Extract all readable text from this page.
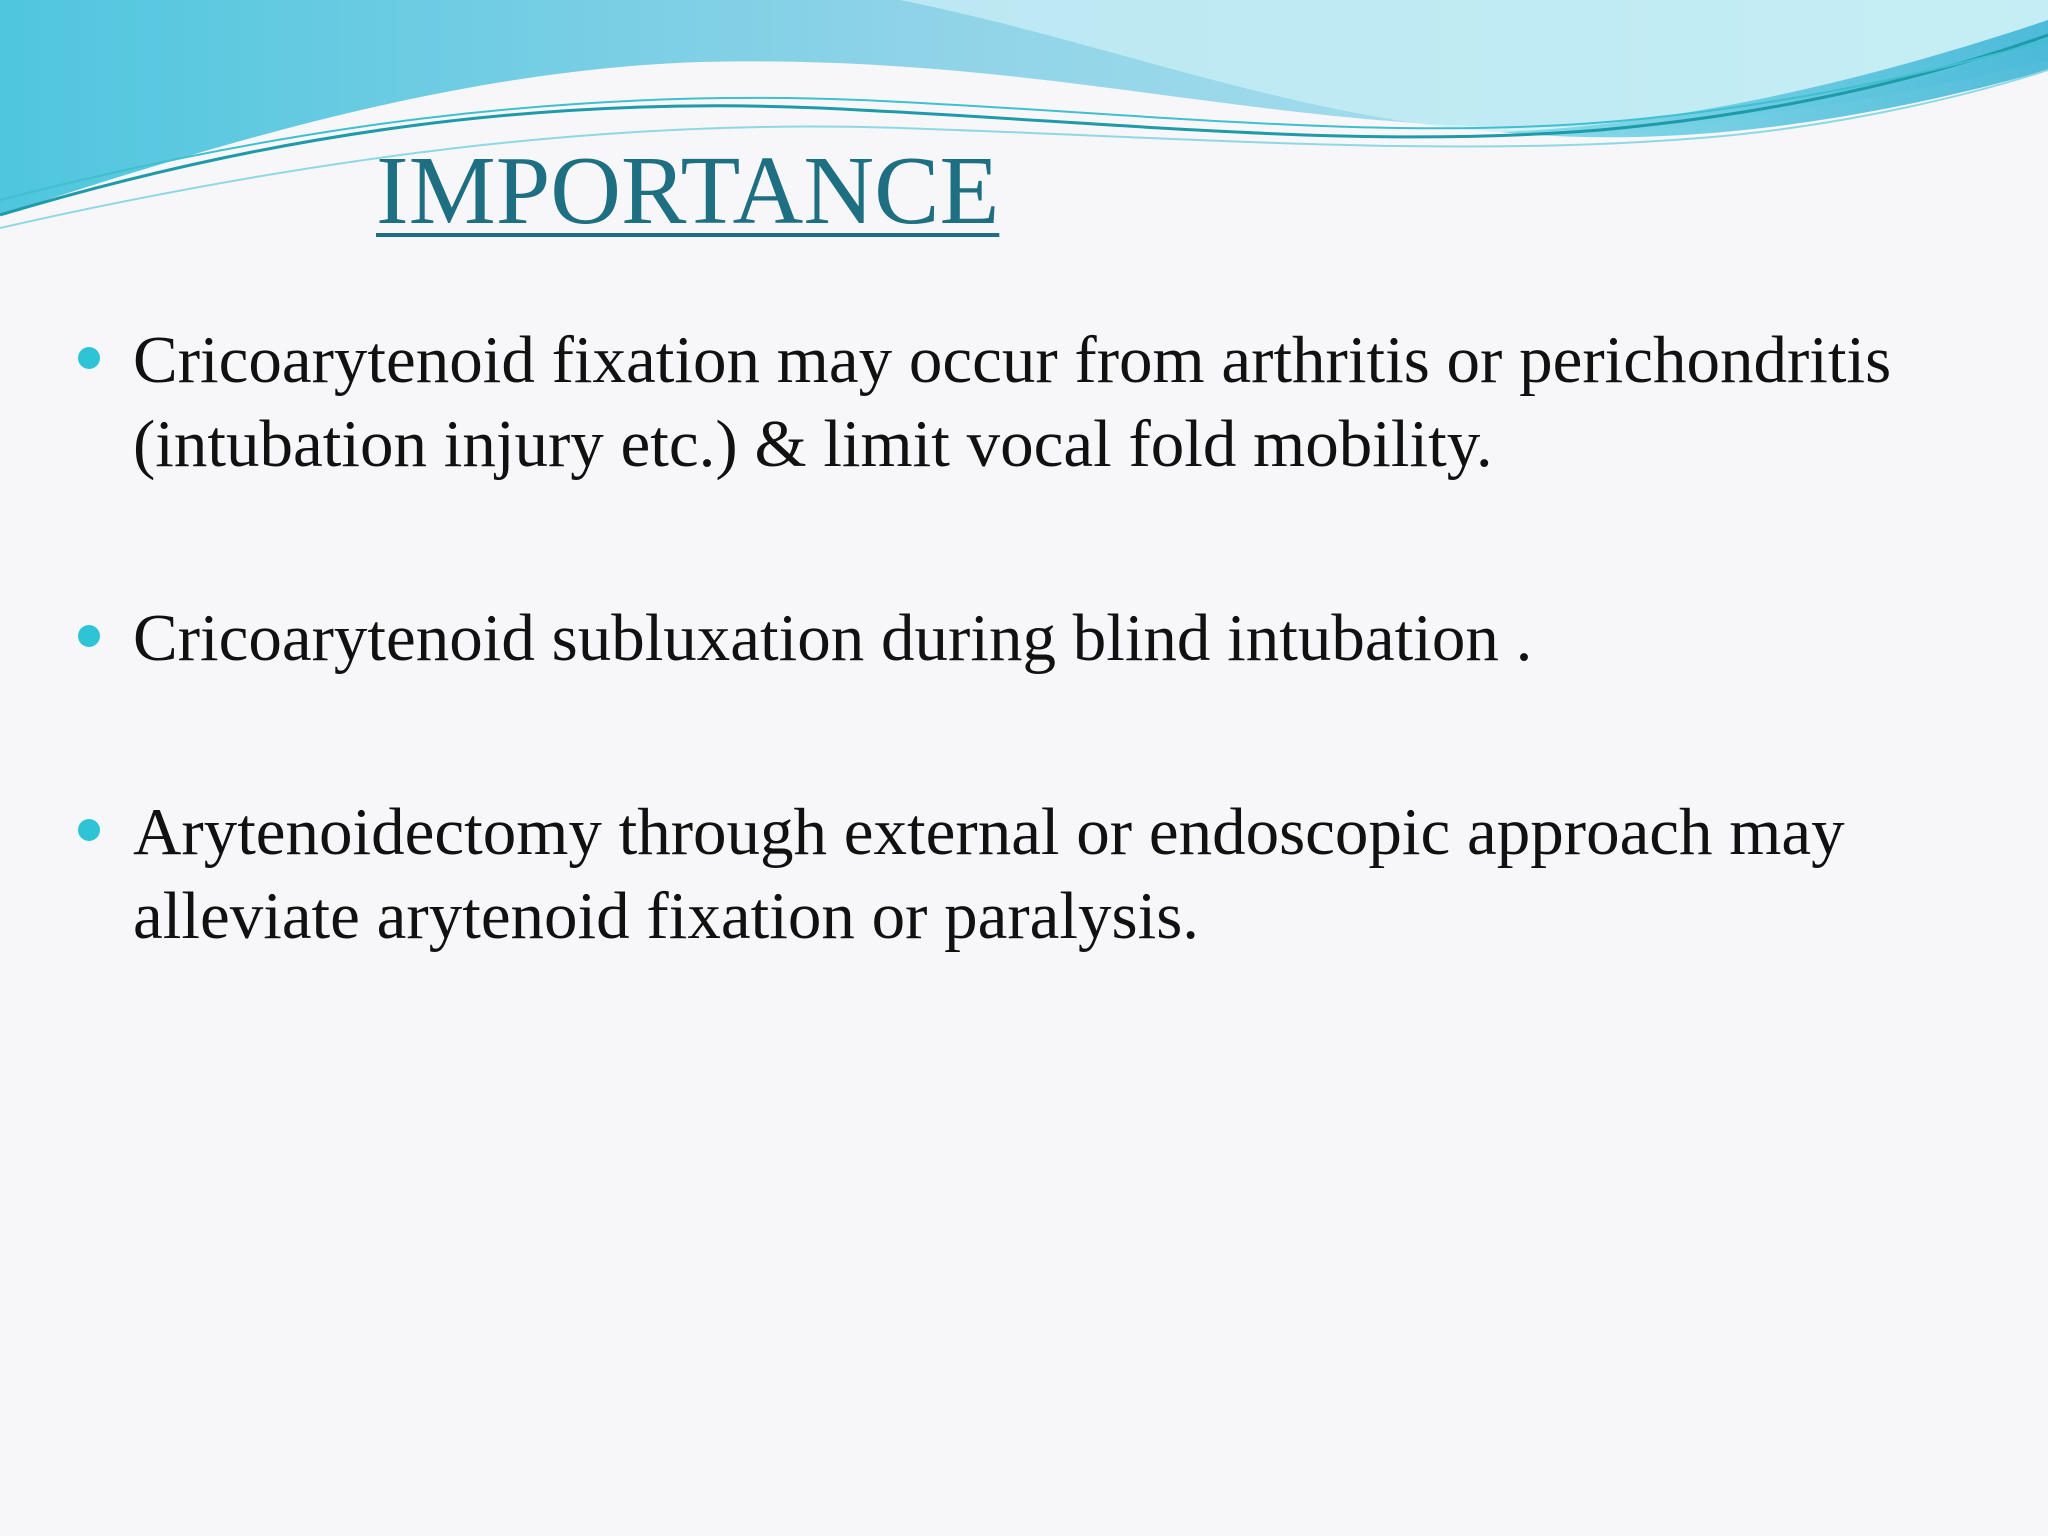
IMPORTANCE
Cricoarytenoid fixation may occur from arthritis or perichondritis (intubation injury etc.) & limit vocal fold mobility.
Cricoarytenoid subluxation during blind intubation .
Arytenoidectomy through external or endoscopic approach may alleviate arytenoid fixation or paralysis.
